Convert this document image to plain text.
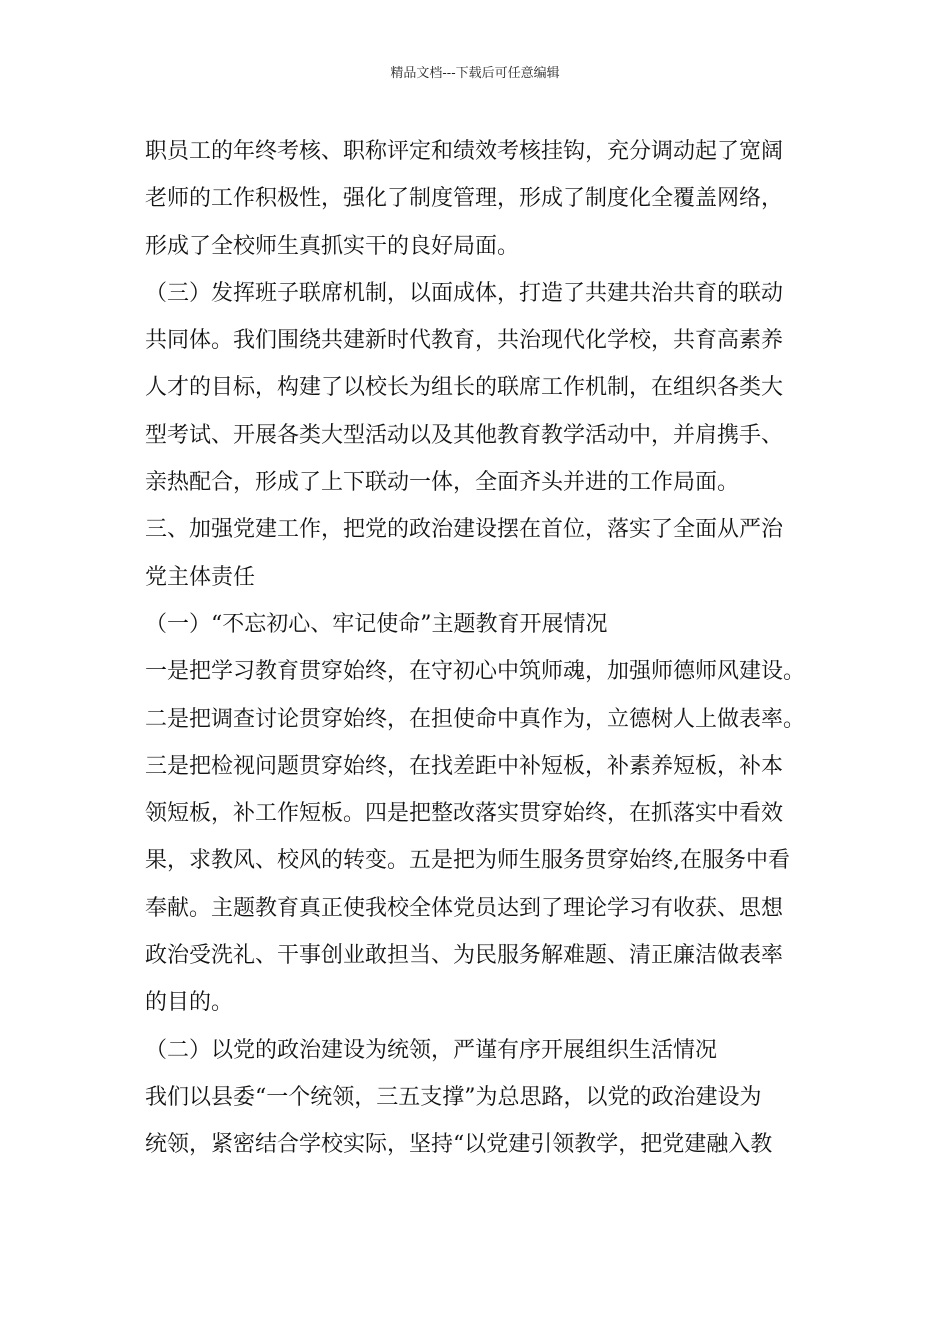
精品文档---下载后可任意编辑
职员工的年终考核、职称评定和绩效考核挂钩，充分调动起了宽阔
老师的工作积极性，强化了制度管理，形成了制度化全覆盖网络，
形成了全校师生真抓实干的良好局面。
（三）发挥班子联席机制，以面成体，打造了共建共治共育的联动
共同体。我们围绕共建新时代教育，共治现代化学校，共育高素养
人才的目标，构建了以校长为组长的联席工作机制，在组织各类大
型考试、开展各类大型活动以及其他教育教学活动中，并肩携手、
亲热配合，形成了上下联动一体，全面齐头并进的工作局面。
三、加强党建工作，把党的政治建设摆在首位，落实了全面从严治
党主体责任
（一）“不忘初心、牢记使命”主题教育开展情况
一是把学习教育贯穿始终，在守初心中筑师魂，加强师德师风建设。
二是把调查讨论贯穿始终，在担使命中真作为，立德树人上做表率。
三是把检视问题贯穿始终，在找差距中补短板，补素养短板，补本
领短板，补工作短板。四是把整改落实贯穿始终，在抓落实中看效
果，求教风、校风的转变。五是把为师生服务贯穿始终,在服务中看
奉献。主题教育真正使我校全体党员达到了理论学习有收获、思想
政治受洗礼、干事创业敢担当、为民服务解难题、清正廉洁做表率
的目的。
（二）以党的政治建设为统领，严谨有序开展组织生活情况
我们以县委“一个统领，三五支撑”为总思路，以党的政治建设为
统领，紧密结合学校实际，坚持“以党建引领教学，把党建融入教
